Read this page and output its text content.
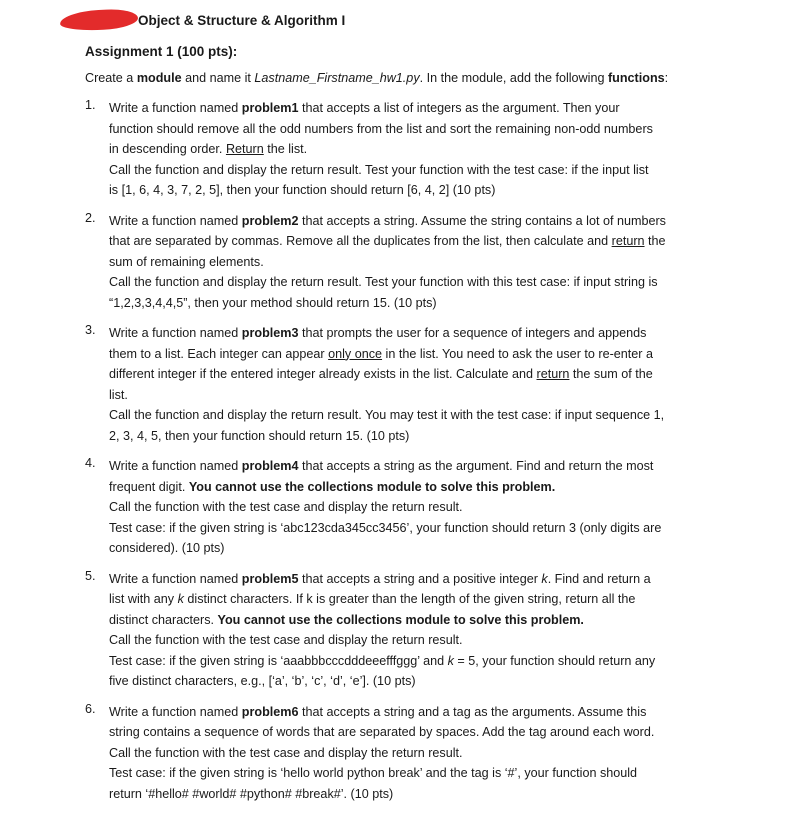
Object & Structure & Algorithm I
Assignment 1 (100 pts):
Create a module and name it Lastname_Firstname_hw1.py. In the module, add the following functions:
1. Write a function named problem1 that accepts a list of integers as the argument. Then your
function should remove all the odd numbers from the list and sort the remaining non-odd numbers
in descending order. Return the list.
Call the function and display the return result. Test your function with the test case: if the input list
is [1, 6, 4, 3, 7, 2, 5], then your function should return [6, 4, 2] (10 pts)
2. Write a function named problem2 that accepts a string. Assume the string contains a lot of numbers
that are separated by commas. Remove all the duplicates from the list, then calculate and return the
sum of remaining elements.
Call the function and display the return result. Test your function with this test case: if input string is
“1,2,3,3,4,4,5”, then your method should return 15. (10 pts)
3. Write a function named problem3 that prompts the user for a sequence of integers and appends
them to a list. Each integer can appear only once in the list. You need to ask the user to re-enter a
different integer if the entered integer already exists in the list. Calculate and return the sum of the
list.
Call the function and display the return result. You may test it with the test case: if input sequence 1,
2, 3, 4, 5, then your function should return 15. (10 pts)
4. Write a function named problem4 that accepts a string as the argument. Find and return the most
frequent digit. You cannot use the collections module to solve this problem.
Call the function with the test case and display the return result.
Test case: if the given string is ‘abc123cda345cc3456’, your function should return 3 (only digits are
considered). (10 pts)
5. Write a function named problem5 that accepts a string and a positive integer k. Find and return a
list with any k distinct characters. If k is greater than the length of the given string, return all the
distinct characters. You cannot use the collections module to solve this problem.
Call the function with the test case and display the return result.
Test case: if the given string is ‘aaabbbcccdddeeefffggg’ and k = 5, your function should return any
five distinct characters, e.g., [‘a’, ‘b’, ‘c’, ‘d’, ‘e’]. (10 pts)
6. Write a function named problem6 that accepts a string and a tag as the arguments. Assume this
string contains a sequence of words that are separated by spaces. Add the tag around each word.
Call the function with the test case and display the return result.
Test case: if the given string is ‘hello world python break’ and the tag is ‘#’, your function should
return ‘#hello# #world# #python# #break#’. (10 pts)
